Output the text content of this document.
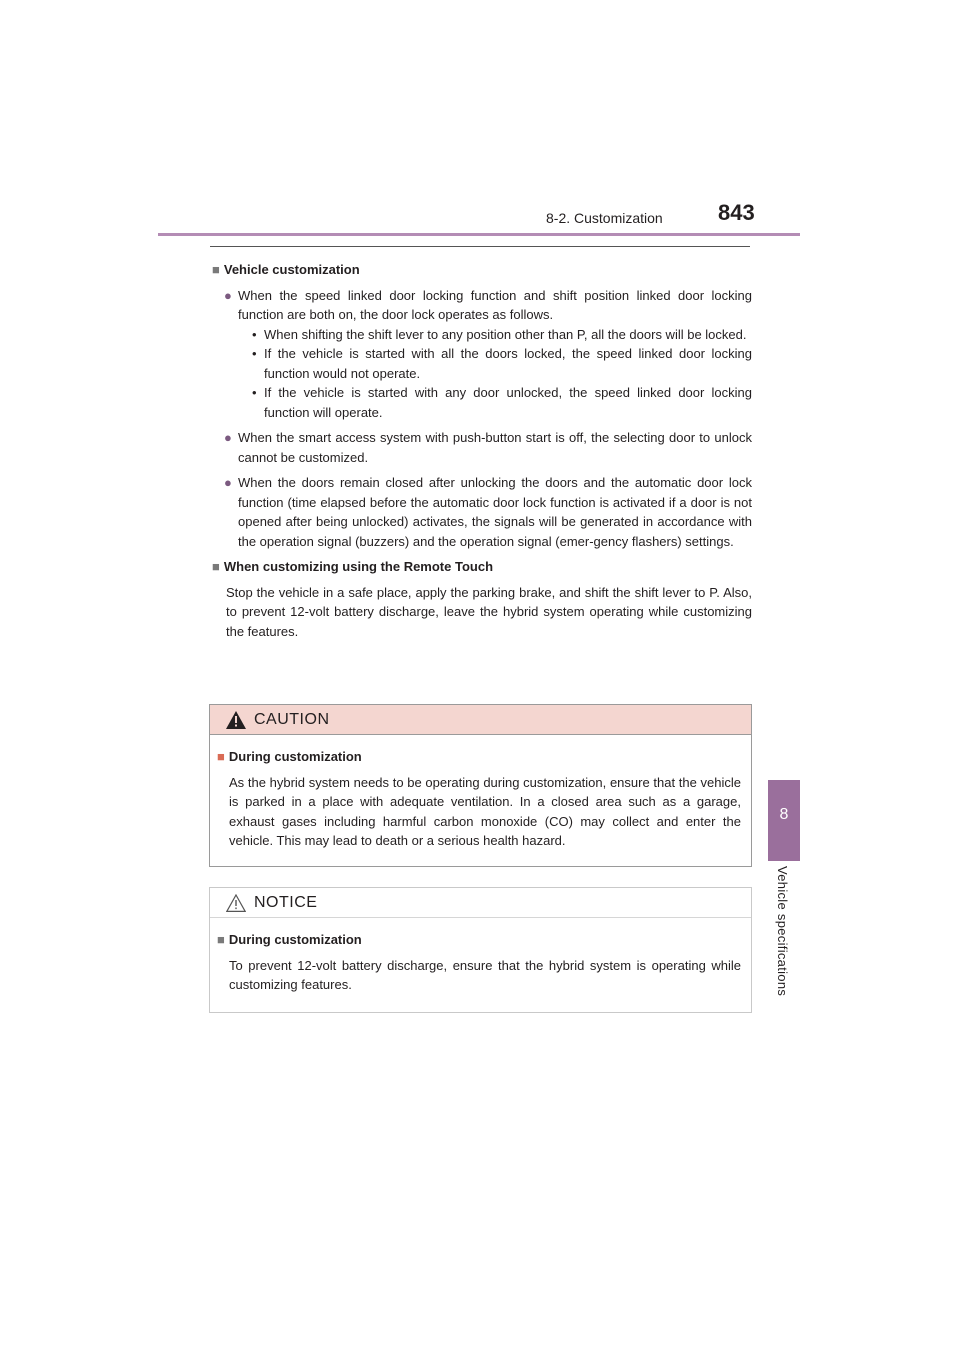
8-2. Customization	843
8
Vehicle specifications

■ Vehicle customization

● When the speed linked door locking function and shift position linked door locking function are both on, the door lock operates as follows.
• When shifting the shift lever to any position other than P, all the doors will be locked.
• If the vehicle is started with all the doors locked, the speed linked door locking function would not operate.
• If the vehicle is started with any door unlocked, the speed linked door locking function will operate.
● When the smart access system with push-button start is off, the selecting door to unlock cannot be customized.
● When the doors remain closed after unlocking the doors and the automatic door lock function (time elapsed before the automatic door lock function is activated if a door is not opened after being unlocked) activates, the signals will be generated in accordance with the operation signal (buzzers) and the operation signal (emer-gency flashers) settings.

■ When customizing using the Remote Touch

Stop the vehicle in a safe place, apply the parking brake, and shift the shift lever to P. Also, to prevent 12-volt battery discharge, leave the hybrid system operating while customizing the features.
CAUTION

■ During customization

As the hybrid system needs to be operating during customization, ensure that the vehicle is parked in a place with adequate ventilation. In a closed area such as a garage, exhaust gases including harmful carbon monoxide (CO) may collect and enter the vehicle. This may lead to death or a serious health hazard.
NOTICE

■ During customization

To prevent 12-volt battery discharge, ensure that the hybrid system is operating while customizing features.
